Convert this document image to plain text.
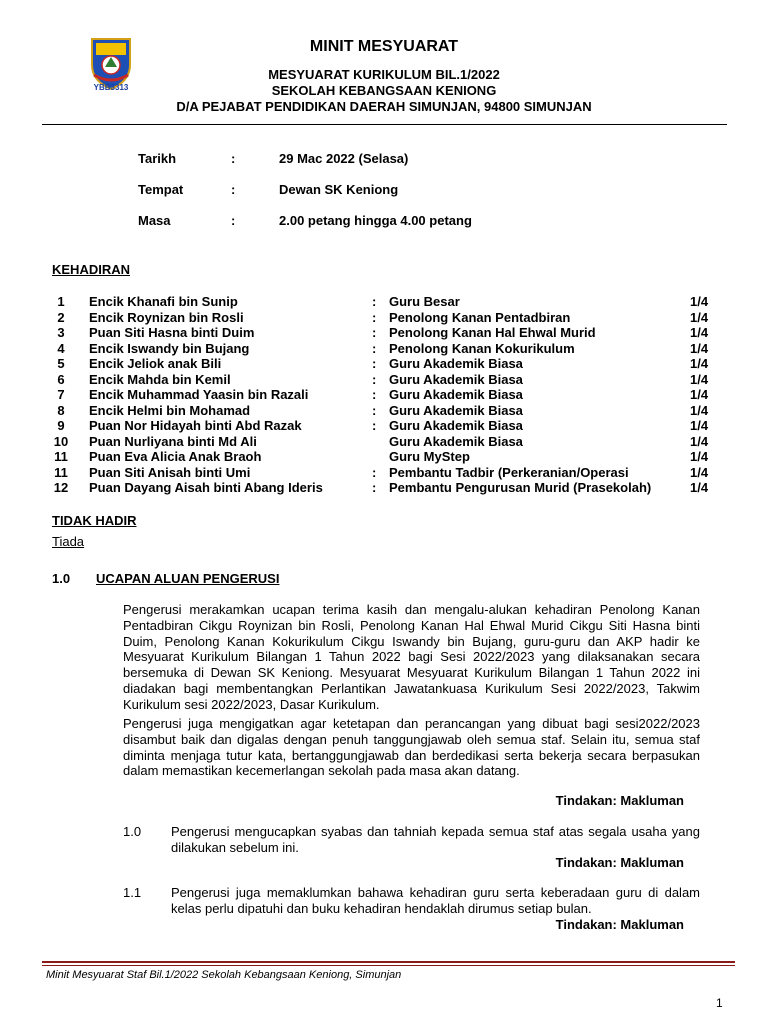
YBB3313
MINIT MESYUARAT
MESYUARAT KURIKULUM BIL.1/2022
SEKOLAH KEBANGSAAN KENIONG
D/A PEJABAT PENDIDIKAN DAERAH SIMUNJAN, 94800 SIMUNJAN
Tarikh	:	29 Mac 2022 (Selasa)
Tempat	:	Dewan SK Keniong
Masa	:	2.00 petang hingga 4.00 petang
KEHADIRAN
1	Encik Khanafi bin Sunip	: Guru Besar	1/4
2	Encik Roynizan bin Rosli	: Penolong Kanan Pentadbiran	1/4
3	Puan Siti Hasna binti Duim	: Penolong Kanan Hal Ehwal Murid	1/4
4	Encik Iswandy bin Bujang	: Penolong Kanan Kokurikulum	1/4
5	Encik Jeliok anak Bili	: Guru Akademik Biasa	1/4
6	Encik Mahda bin Kemil	: Guru Akademik Biasa	1/4
7	Encik Muhammad Yaasin bin Razali	: Guru Akademik Biasa	1/4
8	Encik Helmi bin Mohamad	: Guru Akademik Biasa	1/4
9	Puan Nor Hidayah binti Abd Razak	: Guru Akademik Biasa	1/4
10 Puan Nurliyana binti Md Ali	Guru Akademik Biasa	1/4
11	Puan Eva Alicia Anak Braoh	Guru MyStep	1/4
11	Puan Siti Anisah binti Umi	: Pembantu Tadbir (Perkeranian/Operasi	1/4
12 Puan Dayang Aisah binti Abang Ideris	: Pembantu Pengurusan Murid (Prasekolah)	1/4
TIDAK HADIR
Tiada
1.0 UCAPAN ALUAN PENGERUSI
Pengerusi merakamkan ucapan terima kasih dan mengalu-alukan kehadiran Penolong Kanan Pentadbiran Cikgu Roynizan bin Rosli, Penolong Kanan Hal Ehwal Murid Cikgu Siti Hasna binti Duim, Penolong Kanan Kokurikulum Cikgu Iswandy bin Bujang, guru-guru dan AKP hadir ke Mesyuarat Kurikulum Bilangan 1 Tahun 2022 bagi Sesi 2022/2023 yang dilaksanakan secara bersemuka di Dewan SK Keniong. Mesyuarat Mesyuarat Kurikulum Bilangan 1 Tahun 2022 ini diadakan bagi membentangkan Perlantikan Jawatankuasa Kurikulum Sesi 2022/2023, Takwim Kurikulum sesi 2022/2023, Dasar Kurikulum.
Pengerusi juga mengigatkan agar ketetapan dan perancangan yang dibuat bagi sesi2022/2023 disambut baik dan digalas dengan penuh tanggungjawab oleh semua staf. Selain itu, semua staf diminta menjaga tutur kata, bertanggungjawab dan berdedikasi serta bekerja secara berpasukan dalam memastikan kecemerlangan sekolah pada masa akan datang.
Tindakan: Makluman
1.0 Pengerusi mengucapkan syabas dan tahniah kepada semua staf atas segala usaha yang dilakukan sebelum ini.
Tindakan: Makluman
1.1 Pengerusi juga memaklumkan bahawa kehadiran guru serta keberadaan guru di dalam kelas perlu dipatuhi dan buku kehadiran hendaklah dirumus setiap bulan.
Tindakan: Makluman
Minit Mesyuarat Staf Bil.1/2022 Sekolah Kebangsaan Keniong, Simunjan
1
